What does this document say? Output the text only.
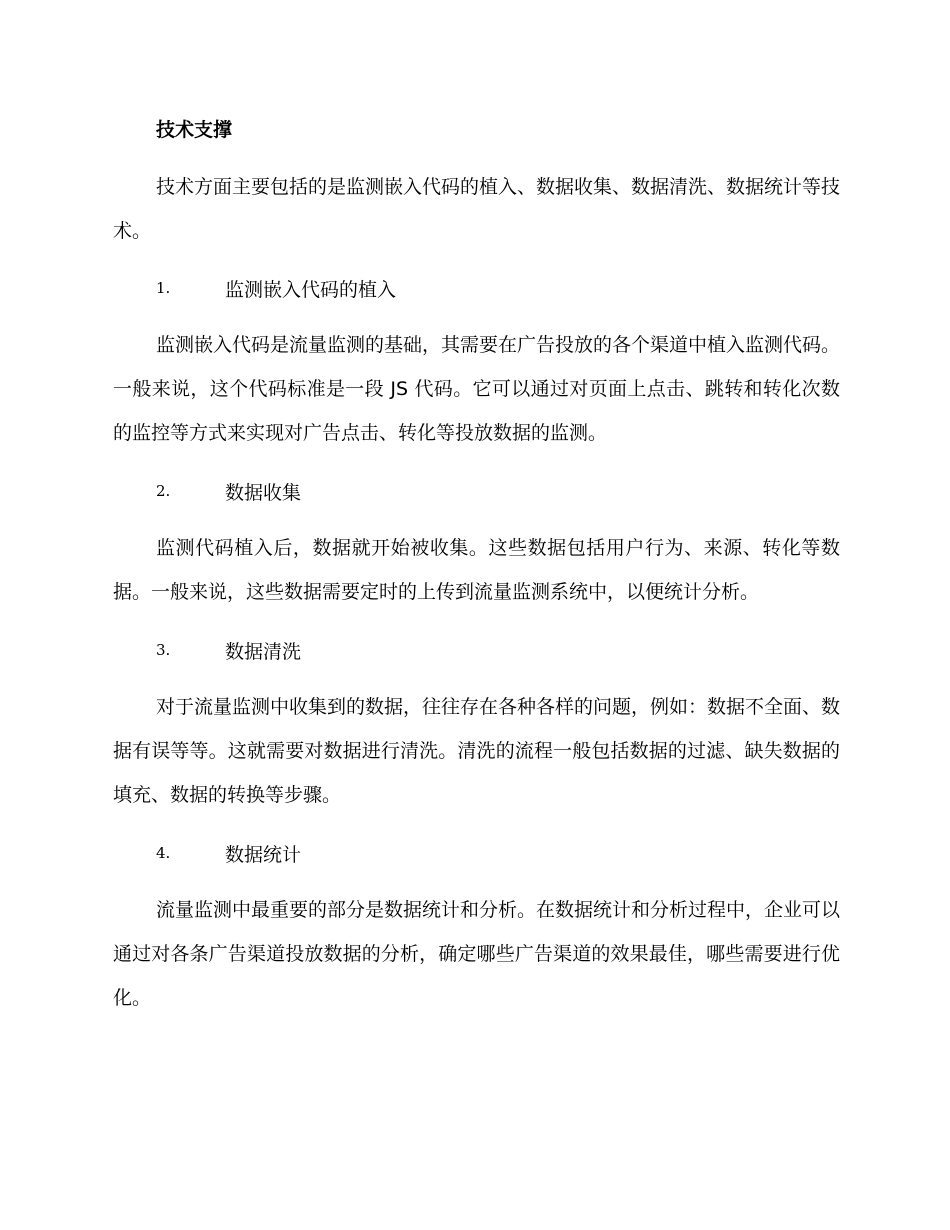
技术支撑

技术方面主要包括的是监测嵌入代码的植入、数据收集、数据清洗、数据统计等技术。

1.	监测嵌入代码的植入

监测嵌入代码是流量监测的基础，其需要在广告投放的各个渠道中植入监测代码。一般来说，这个代码标准是一段 JS 代码。它可以通过对页面上点击、跳转和转化次数的监控等方式来实现对广告点击、转化等投放数据的监测。

2.	数据收集

监测代码植入后，数据就开始被收集。这些数据包括用户行为、来源、转化等数据。一般来说，这些数据需要定时的上传到流量监测系统中，以便统计分析。

3.	数据清洗

对于流量监测中收集到的数据，往往存在各种各样的问题，例如：数据不全面、数据有误等等。这就需要对数据进行清洗。清洗的流程一般包括数据的过滤、缺失数据的填充、数据的转换等步骤。

4.	数据统计

流量监测中最重要的部分是数据统计和分析。在数据统计和分析过程中，企业可以通过对各条广告渠道投放数据的分析，确定哪些广告渠道的效果最佳，哪些需要进行优化。
